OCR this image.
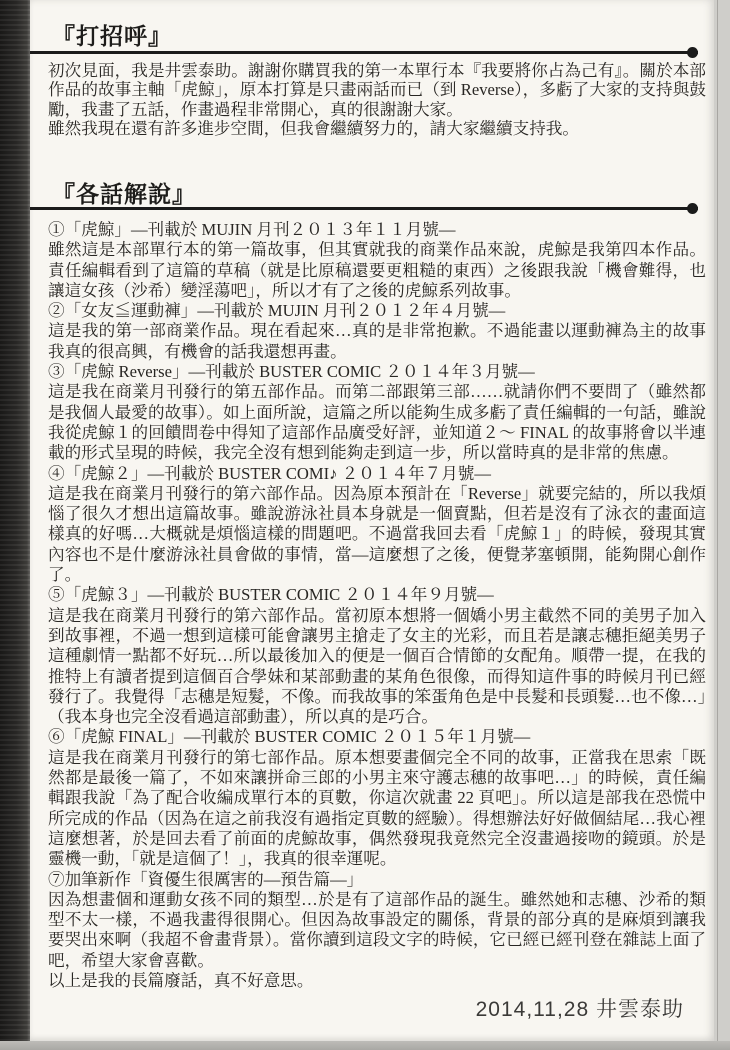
『打招呼』
初次見面，我是井雲泰助。謝謝你購買我的第一本單行本『我要將你占為己有』。關於本部作品的故事主軸「虎鯨」，原本打算是只畫兩話而已（到 Reverse），多虧了大家的支持與鼓勵，我畫了五話，作畫過程非常開心，真的很謝謝大家。
雖然我現在還有許多進步空間，但我會繼續努力的，請大家繼續支持我。
『各話解說』
①「虎鯨」—刊載於 MUJIN 月刊２０１３年１１月號—
雖然這是本部單行本的第一篇故事，但其實就我的商業作品來說，虎鯨是我第四本作品。責任編輯看到了這篇的草稿（就是比原稿還要更粗糙的東西）之後跟我說「機會難得，也讓這女孩（沙希）變淫蕩吧」，所以才有了之後的虎鯨系列故事。
②「女友≦運動褲」—刊載於 MUJIN 月刊２０１２年４月號—
這是我的第一部商業作品。現在看起來…真的是非常抱歉。不過能畫以運動褲為主的故事我真的很高興，有機會的話我還想再畫。
③「虎鯨 Reverse」—刊載於 BUSTER COMIC ２０１４年３月號—
這是我在商業月刊發行的第五部作品。而第二部跟第三部……就請你們不要問了（雖然都是我個人最愛的故事）。如上面所說，這篇之所以能夠生成多虧了責任編輯的一句話，雖說我從虎鯨１的回饋問卷中得知了這部作品廣受好評，並知道２～ FINAL 的故事將會以半連載的形式呈現的時候，我完全沒有想到能夠走到這一步，所以當時真的是非常的焦慮。
④「虎鯨２」—刊載於 BUSTER COMI♪ ２０１４年７月號—
這是我在商業月刊發行的第六部作品。因為原本預計在「Reverse」就要完結的，所以我煩惱了很久才想出這篇故事。雖說游泳社員本身就是一個賣點，但若是沒有了泳衣的畫面這樣真的好嗎…大概就是煩惱這樣的問題吧。不過當我回去看「虎鯨１」的時候，發現其實內容也不是什麼游泳社員會做的事情，當—這麼想了之後，便覺茅塞頓開，能夠開心創作了。
⑤「虎鯨３」—刊載於 BUSTER COMIC ２０１４年９月號—
這是我在商業月刊發行的第六部作品。當初原本想將一個嬌小男主截然不同的美男子加入到故事裡，不過一想到這樣可能會讓男主搶走了女主的光彩，而且若是讓志穗拒絕美男子這種劇情一點都不好玩…所以最後加入的便是一個百合情節的女配角。順帶一提，在我的推特上有讀者提到這個百合學妹和某部動畫的某角色很像，而得知這件事的時候月刊已經發行了。我覺得「志穗是短髮，不像。而我故事的笨蛋角色是中長髮和長頭髮…也不像…」（我本身也完全沒看過這部動畫），所以真的是巧合。
⑥「虎鯨 FINAL」—刊載於 BUSTER COMIC ２０１５年１月號—
這是我在商業月刊發行的第七部作品。原本想要畫個完全不同的故事，正當我在思索「既然都是最後一篇了，不如來讓拼命三郎的小男主來守護志穗的故事吧…」的時候，責任編輯跟我說「為了配合收編成單行本的頁數，你這次就畫 22 頁吧」。所以這是部我在恐慌中所完成的作品（因為在這之前我沒有過指定頁數的經驗）。得想辦法好好做個結尾…我心裡這麼想著，於是回去看了前面的虎鯨故事，偶然發現我竟然完全沒畫過接吻的鏡頭。於是靈機一動，「就是這個了！」，我真的很幸運呢。
⑦加筆新作「資優生很厲害的—預告篇—」
因為想畫個和運動女孩不同的類型…於是有了這部作品的誕生。雖然她和志穗、沙希的類型不太一樣，不過我畫得很開心。但因為故事設定的關係，背景的部分真的是麻煩到讓我要哭出來啊（我超不會畫背景）。當你讀到這段文字的時候，它已經已經刊登在雜誌上面了吧，希望大家會喜歡。
以上是我的長篇廢話，真不好意思。
2014,11,28 井雲泰助
